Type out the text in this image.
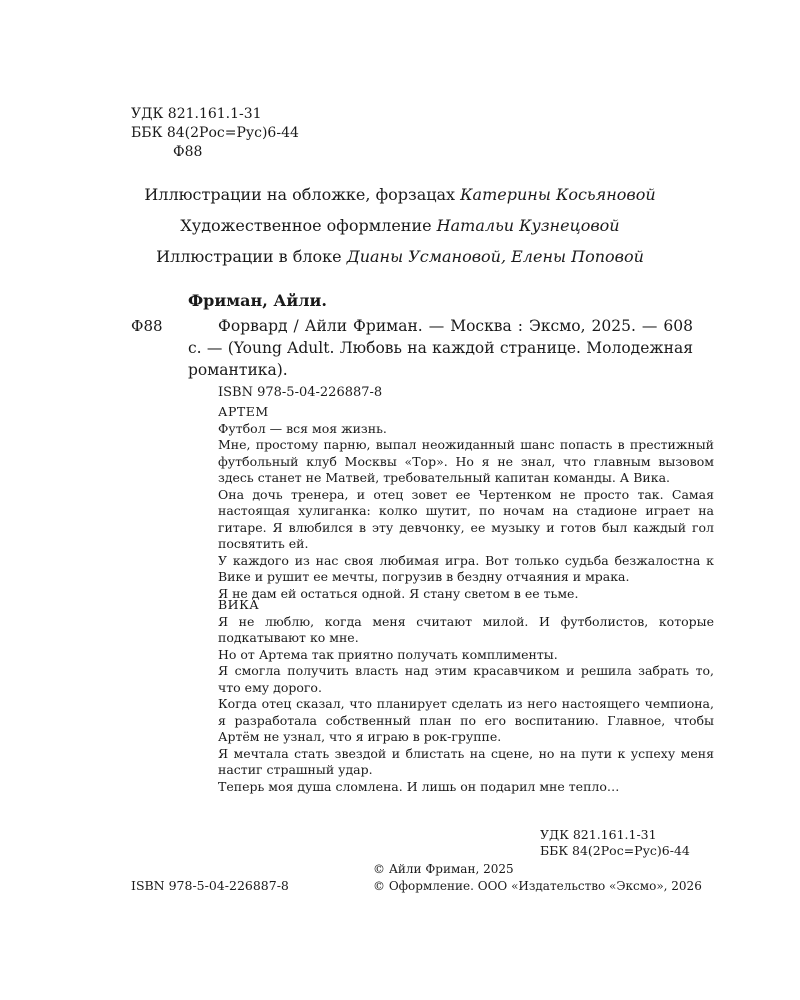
УДК 821.161.1-31
ББК 84(2Рос=Рус)6-44
Ф88
Иллюстрации на обложке, форзацах Катерины Косьяновой
Художественное оформление Натальи Кузнецовой
Иллюстрации в блоке Дианы Усмановой, Елены Поповой
Фриман, Айли.
Ф88	Форвард / Айли Фриман. — Москва : Эксмо, 2025. — 608 с. — (Young Adult. Любовь на каждой странице. Молодежная романтика).

ISBN 978-5-04-226887-8

АРТЕМ

Футбол — вся моя жизнь.

Мне, простому парню, выпал неожиданный шанс попасть в престижный футбольный клуб Москвы «Тор». Но я не знал, что главным вызовом здесь станет не Матвей, требовательный капитан команды. А Вика.

Она дочь тренера, и отец зовет ее Чертенком не просто так. Самая настоящая хулиганка: колко шутит, по ночам на стадионе играет на гитаре. Я влюбился в эту девчонку, ее музыку и готов был каждый гол посвятить ей.

У каждого из нас своя любимая игра. Вот только судьба безжалостна к Вике и рушит ее мечты, погрузив в бездну отчаяния и мрака.

Я не дам ей остаться одной. Я стану светом в ее тьме.

ВИКА

Я не люблю, когда меня считают милой. И футболистов, которые подкатывают ко мне.

Но от Артема так приятно получать комплименты.

Я смогла получить власть над этим красавчиком и решила забрать то, что ему дорого.

Когда отец сказал, что планирует сделать из него настоящего чемпиона, я разработала собственный план по его воспитанию. Главное, чтобы Артём не узнал, что я играю в рок-группе.

Я мечтала стать звездой и блистать на сцене, но на пути к успеху меня настиг страшный удар.

Теперь моя душа сломлена. И лишь он подарил мне тепло…

УДК 821.161.1-31
ББК 84(2Рос=Рус)6-44
ISBN 978-5-04-226887-8
© Айли Фриман, 2025
© Оформление. ООО «Издательство «Эксмо», 2026
